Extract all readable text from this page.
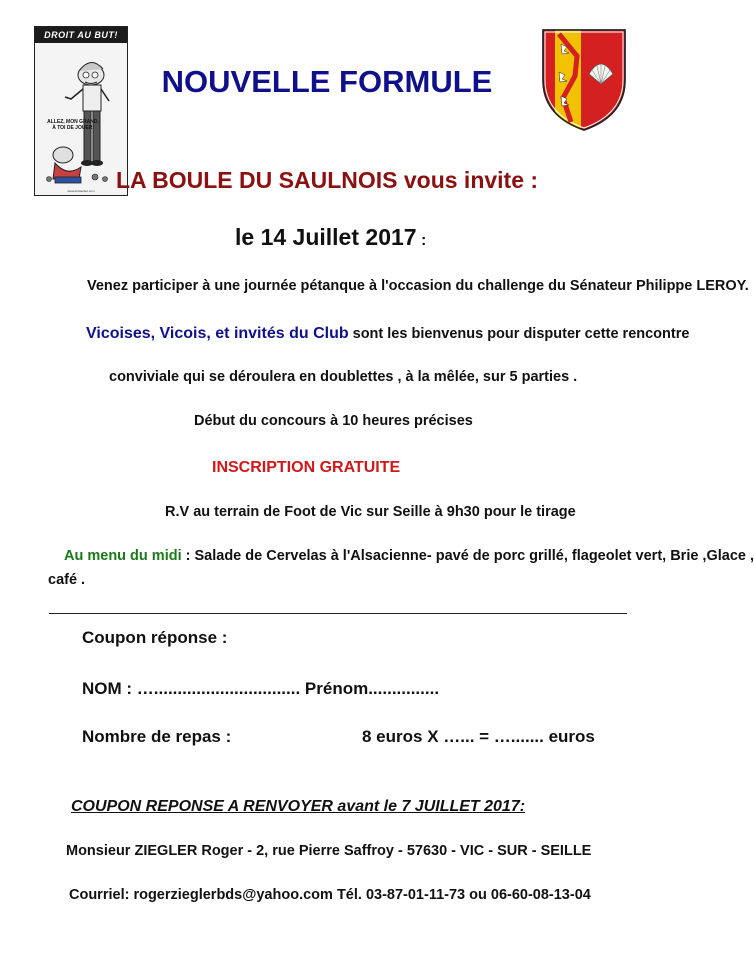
DROIT AU BUT!
ALLEZ, MON GRAND, À TOI DE JOUER.
www.droitaubut.com
NOUVELLE FORMULE
LA BOULE DU SAULNOIS vous invite :
le 14 Juillet 2017 :
Venez participer à une journée pétanque à l'occasion du challenge du Sénateur Philippe LEROY.
Vicoises, Vicois, et invités du Club sont les bienvenus pour disputer cette rencontre
conviviale qui se déroulera en doublettes , à la mêlée, sur 5 parties .
Début du concours à 10 heures précises
INSCRIPTION GRATUITE
R.V au terrain de Foot de Vic sur Seille à 9h30 pour le tirage
Au menu du midi : Salade de Cervelas à l'Alsacienne- pavé de porc grillé, flageolet vert, Brie ,Glace ,
café .
Coupon réponse :
NOM : …............................... Prénom...............
Nombre de repas :	8 euros X …... = …....... euros
COUPON REPONSE A RENVOYER avant le 7 JUILLET 2017:
Monsieur ZIEGLER Roger - 2, rue Pierre Saffroy - 57630 - VIC - SUR - SEILLE
Courriel: rogerzieglerbds@yahoo.com Tél. 03-87-01-11-73 ou 06-60-08-13-04
